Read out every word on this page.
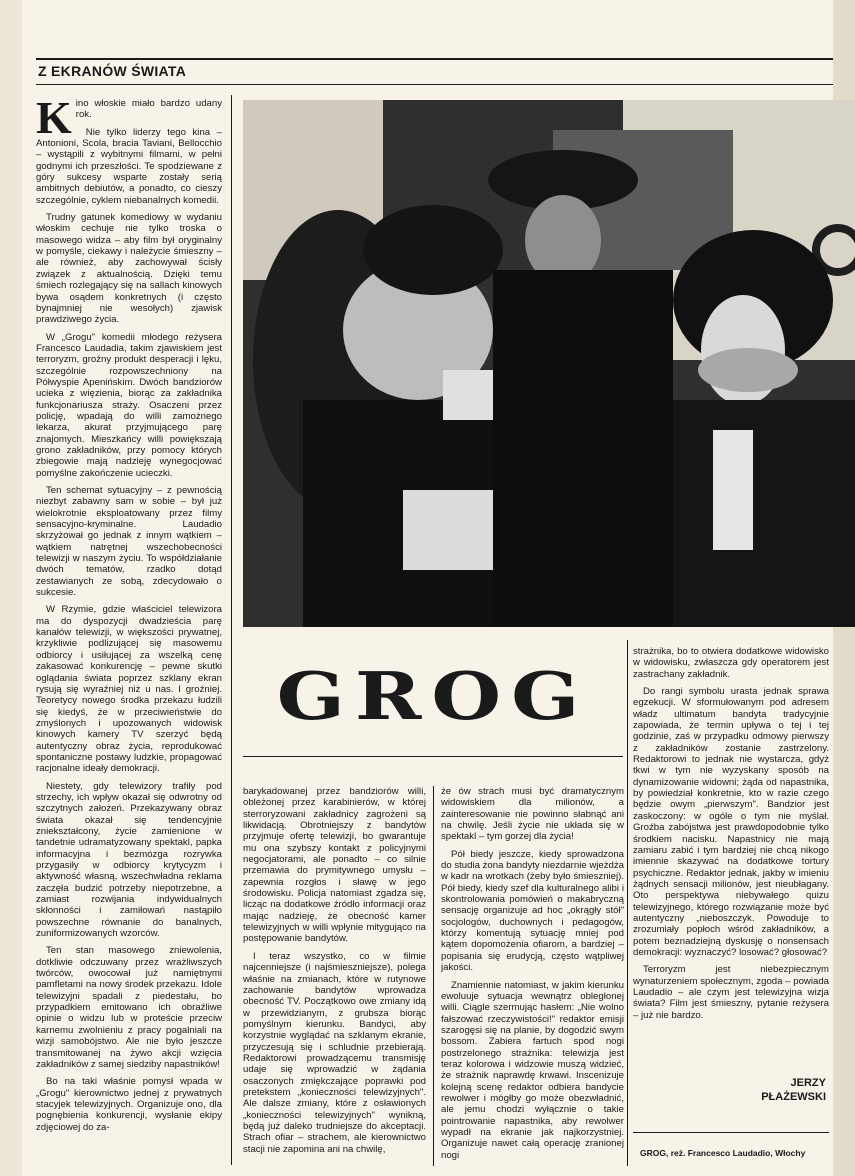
Z EKRANÓW ŚWIATA
K ino włoskie miało bardzo udany rok.

Nie tylko liderzy tego kina – Antonioni, Scola, bracia Taviani, Bellocchio – wystąpili z wybitnymi filmami, w pełni godnymi ich przeszłości. Te spodziewane z góry sukcesy wsparte zostały serią ambitnych debiutów, a ponadto, co cieszy szczególnie, cyklem niebanalnych komedii.

Trudny gatunek komediowy w wydaniu włoskim cechuje nie tylko troska o masowego widza – aby film był oryginalny w pomyśle, ciekawy i należycie śmieszny – ale również, aby zachowywał ścisły związek z aktualnością. Dzięki temu śmiech rozlegający się na sallach kinowych bywa osądem konkretnych (i często bynajmniej nie wesołych) zjawisk prawdziwego życia.

W „Grogu" komedii młodego reżysera Francesco Laudadia, takim zjawiskiem jest terroryzm, groźny produkt desperacji i lęku, szczególnie rozpowszechniony na Półwyspie Apenińskim. Dwóch bandziorów ucieka z więzienia, biorąc za zakładnika funkcjonariusza straży. Osaczeni przez policję, wpadają do willi zamożnego lekarza, akurat przyjmującego parę znajomych. Mieszkańcy willi powiększają grono zakładników, przy pomocy których zbiegowie mają nadzieję wynegocjować pomyślne zakończenie ucieczki.

Ten schemat sytuacyjny – z pewnością niezbyt zabawny sam w sobie – był już wielokrotnie eksploatowany przez filmy sensacyjno-kryminalne. Laudadio skrzyżował go jednak z innym wątkiem – wątkiem natrętnej wszechobecności telewizji w naszym życiu. To współdziałanie dwóch tematów, rzadko dotąd zestawianych ze sobą, zdecydowało o sukcesie.

W Rzymie, gdzie właściciel telewizora ma do dyspozycji dwadzieścia parę kanałów telewizji, w większości prywatnej, krzykliwie podlizującej się masowemu odbiorcy i usiłującej za wszelką cenę zakasować konkurencję – pewne skutki oglądania świata poprzez szklany ekran rysują się wyraźniej niż u nas. I groźniej. Teoretycy nowego środka przekazu łudzili się kiedyś, że w przeciwieństwie do zmyślonych i upozowanych widowisk kinowych kamery TV szerzyć będą autentyczny obraz życia, reprodukować spontaniczne postawy ludzkie, propagować racjonalne ideały demokracji.

Niestety, gdy telewizory trafiły pod strzechy, ich wpływ okazał się odwrotny od szczytnych założeń. Przekazywany obraz świata okazał się tendencyjnie zniekształcony, życie zamienione w tandetnie udramatyzowany spektakl, papka informacyjna i bezmózga rozrywka przygasiły w odbiorcy krytycyzm i aktywność własną, wszechwładna reklama zaczęła budzić potrzeby niepotrzebne, a zamiast rozwijania indywidualnych skłonności i zamiłowań nastąpiło powszechne równanie do banalnych, zuniformizowanych wzorców.

Ten stan masowego zniewolenia, dotkliwie odczuwany przez wrażliwszych twórców, owocował już namiętnymi pamfletami na nowy środek przekazu. Idole telewizyjni spadali z piedestału, bo przypadkiem emitowano ich obraźliwe opinie o widzu lub w proteście przeciw karnemu zwolnieniu z pracy pogalniali na wizji samobójstwo. Ale nie było jeszcze transmitowanej na żywo akcji wzięcia zakładników z samej siedziby napastników!

Bo na taki właśnie pomysł wpada w „Grogu" kierownictwo jednej z prywatnych stacyjek telewizyjnych. Organizuje ono, dla pognębienia konkurencji, wysłanie ekipy zdjęciowej do za-

GROG

barykadowanej przez bandziorów willi, obleżonej przez karabinierów, w której sterroryzowani zakładnicy zagrożeni są likwidacją. Obrotniejszy z bandytów przyjmuje ofertę telewizji, bo gwarantuje mu ona szybszy kontakt z policyjnymi negocjatorami, ale ponadto – co silnie przemawia do prymitywnego umysłu – zapewnia rozgłos i sławę w jego środowisku. Policja natomiast zgadza się, licząc na dodatkowe źródło informacji oraz mając nadzieję, że obecność kamer telewizyjnych w willi wpłynie mitygująco na postępowanie bandytów.

I teraz wszystko, co w filmie najcenniejsze (i najśmieszniejsze), polega właśnie na zmianach, które w rutynowe zachowanie bandytów wprowadza obecność TV. Początkowo owe zmiany idą w przewidzianym, z grubsza biorąc pomyślnym kierunku. Bandyci, aby korzystnie wyglądać na szklanym ekranie, przyczesują się i schludnie przebierają. Redaktorowi prowadzącemu transmisję udaje się wprowadzić w żądania osaczonych zmiękczające poprawki pod pretekstem „konieczności telewizyjnych". Ale dalsze zmiany, które z osławionych „konieczności telewizyjnych" wynikną, będą już daleko trudniejsze do akceptacji. Strach ofiar – strachem, ale kierownictwo stacji nie zapomina ani na chwilę,

że ów strach musi być dramatycznym widowiskiem dla milionów, a zainteresowanie nie powinno słabnąć ani na chwilę. Jeśli życie nie układa się w spektakl – tym gorzej dla życia!

Pół biedy jeszcze, kiedy sprowadzona do studia żona bandyty niezdarnie wjeżdża w kadr na wrotkach (żeby było śmieszniej). Pół biedy, kiedy szef dla kulturalnego alibi i skontrolowania pomówień o makabryczną sensację organizuje ad hoc „okrągły stół" socjologów, duchownych i pedagogów, którzy komentują sytuację mniej pod kątem dopomożenia ofiarom, a bardziej – popisania się erudycją, często wątpliwej jakości.

Znamiennie natomiast, w jakim kierunku ewoluuje sytuacja wewnątrz obległonej willi. Ciągle szermując hasłem: „Nie wolno fałszować rzeczywistości!" redaktor emisji szarogęsi się na planie, by dogodzić swym bossom. Zabiera fartuch spod nogi postrzelonego strażnika: telewizja jest teraz kolorowa i widzowie muszą widzieć, że strażnik naprawdę krwawi. Inscenizuje kolejną scenę redaktor odbiera bandycie rewolwer i mógłby go może obezwładnić, ale jemu chodzi wyłącznie o takie pointrowanie napastnika, aby rewolwer wypadł na ekranie jak najkorzystniej. Organizuje nawet całą operację zranionej nogi

strażnika, bo to otwiera dodatkowe widowisko w widowisku, zwłaszcza gdy operatorem jest zastrachany zakładnik.

Do rangi symbolu urasta jednak sprawa egzekucji. W sformułowanym pod adresem władz ultimatum bandyta tradycyjnie zapowiada, że termin upływa o tej i tej godzinie, zaś w przypadku odmowy pierwszy z zakładników zostanie zastrzelony. Redaktorowi to jednak nie wystarcza, gdyż tkwi w tym nie wyzyskany sposób na dynamizowanie widowni; żąda od napastnika, by powiedział konkretnie, kto w razie czego będzie owym „pierwszym". Bandzior jest zaskoczony: w ogóle o tym nie myślał. Groźba zabójstwa jest prawdopodobnie tylko środkiem nacisku. Napastnicy nie mają zamiaru zabić i tym bardziej nie chcą nikogo imiennie skazywać na dodatkowe tortury psychiczne. Redaktor jednak, jakby w imieniu żądnych sensacji milionów, jest nieubłagany. Oto perspektywa niebywałego quizu telewizyjnego, którego rozwiązanie może być autentyczny „nieboszczyk. Powoduje to zrozumiały popłoch wśród zakładników, a potem beznadziejną dyskusję o nonsensach demokracji: wyznaczyć? losować? głosować?

Terroryzm jest niebezpiecznym wynaturzeniem społecznym, zgoda – powiada Laudadio – ale czym jest telewizyjna wizja świata? Film jest śmieszny, pytanie reżysera – już nie bardzo.

JERZY
PŁAŻEWSKI
GROG, reż. Francesco Laudadio, Włochy
